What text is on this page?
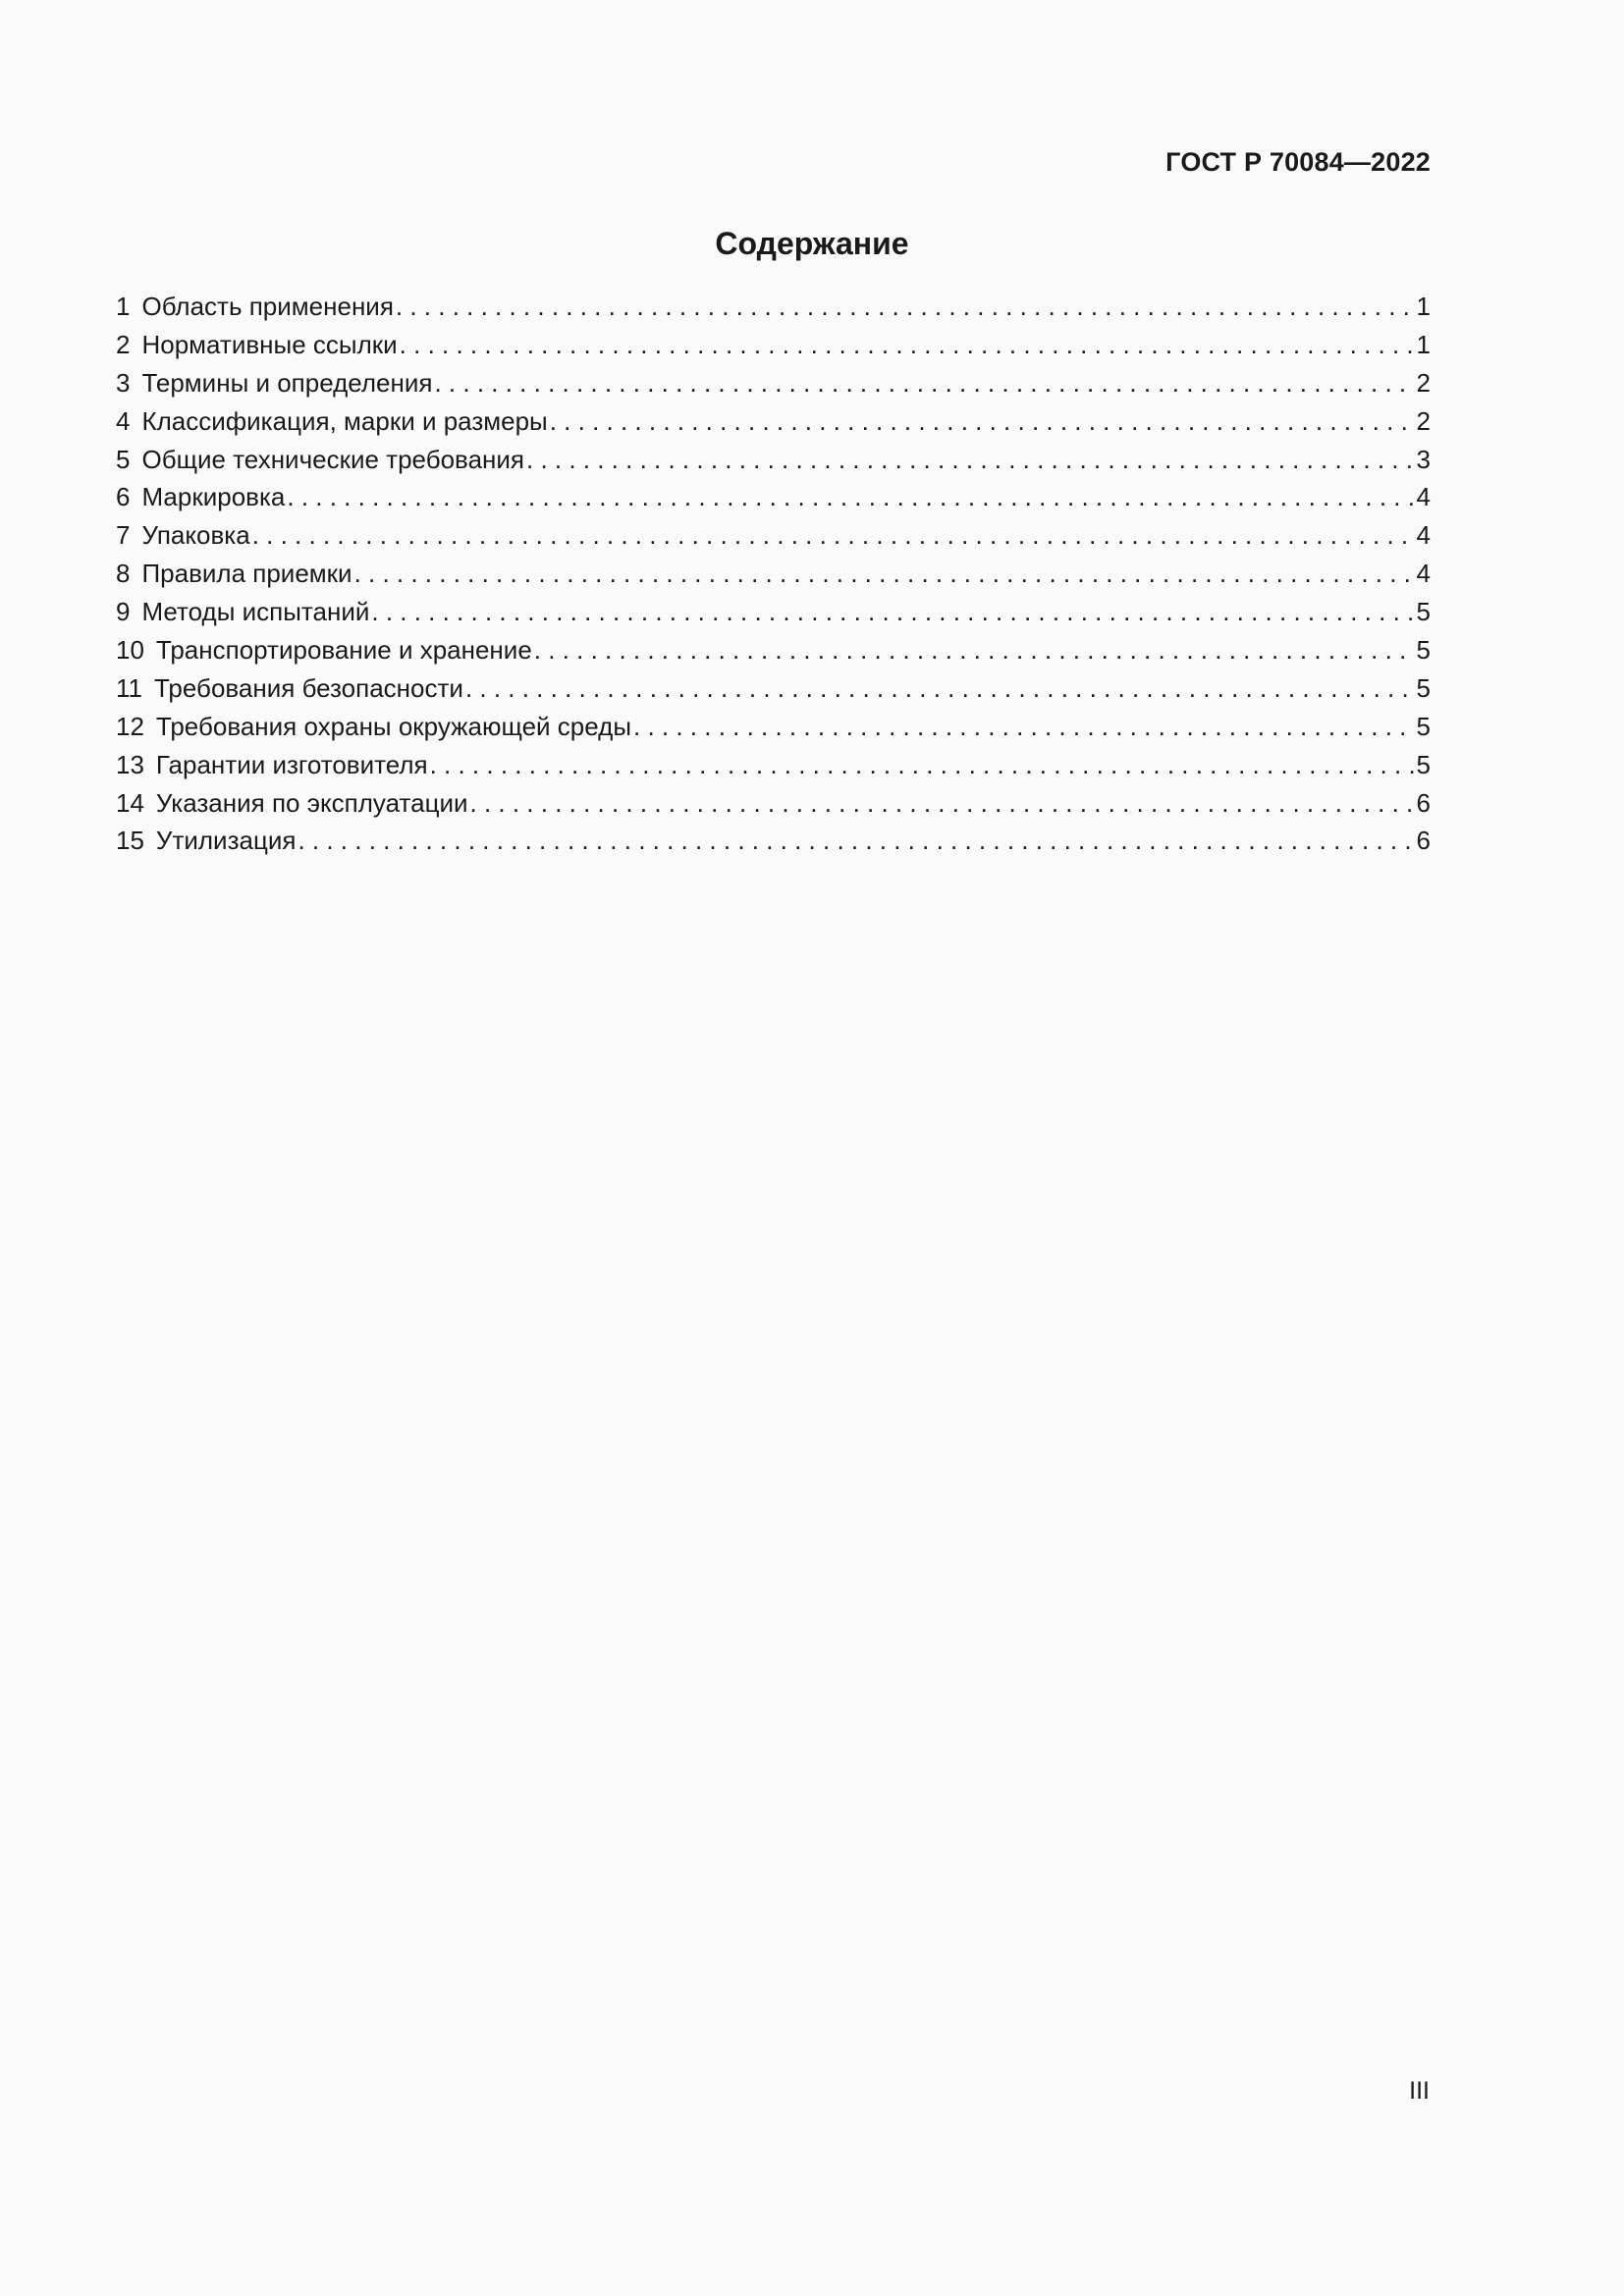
ГОСТ Р 70084—2022
Содержание
1 Область применения . . .	1
2 Нормативные ссылки . . .	1
3 Термины и определения . . .	2
4 Классификация, марки и размеры . . .	2
5 Общие технические требования . . .	3
6 Маркировка . . .	4
7 Упаковка . . .	4
8 Правила приемки . . .	4
9 Методы испытаний . . .	5
10 Транспортирование и хранение . . .	5
11 Требования безопасности . . .	5
12 Требования охраны окружающей среды . . .	5
13 Гарантии изготовителя . . .	5
14 Указания по эксплуатации . . .	6
15 Утилизация . . .	6
III
